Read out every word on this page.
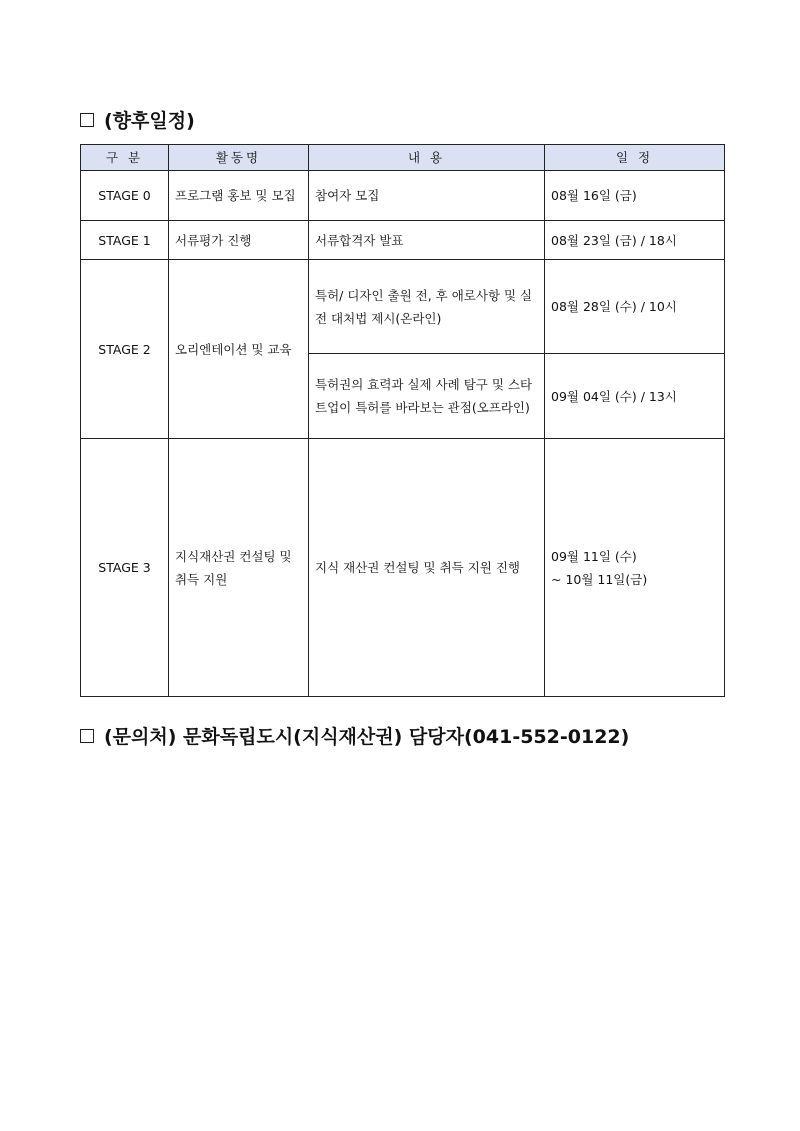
(향후일정)
구 분	활동명	내 용	일 정
STAGE 0	프로그램 홍보 및 모집	참여자 모집	08월 16일 (금)
STAGE 1	서류평가 진행	서류합격자 발표	08월 23일 (금) / 18시
STAGE 2	오리엔테이션 및 교육	특허/ 디자인 출원 전, 후 애로사항 및 실전 대처법 제시(온라인)	08월 28일 (수) / 10시
		특허권의 효력과 실제 사례 탐구 및 스타트업이 특허를 바라보는 관점(오프라인)	09월 04일 (수) / 13시
STAGE 3	지식재산권 컨설팅 및 취득 지원	지식 재산권 컨설팅 및 취득 지원 진행	09월 11일 (수)
~ 10월 11일(금)
(문의처) 문화독립도시(지식재산권) 담당자(041-552-0122)
